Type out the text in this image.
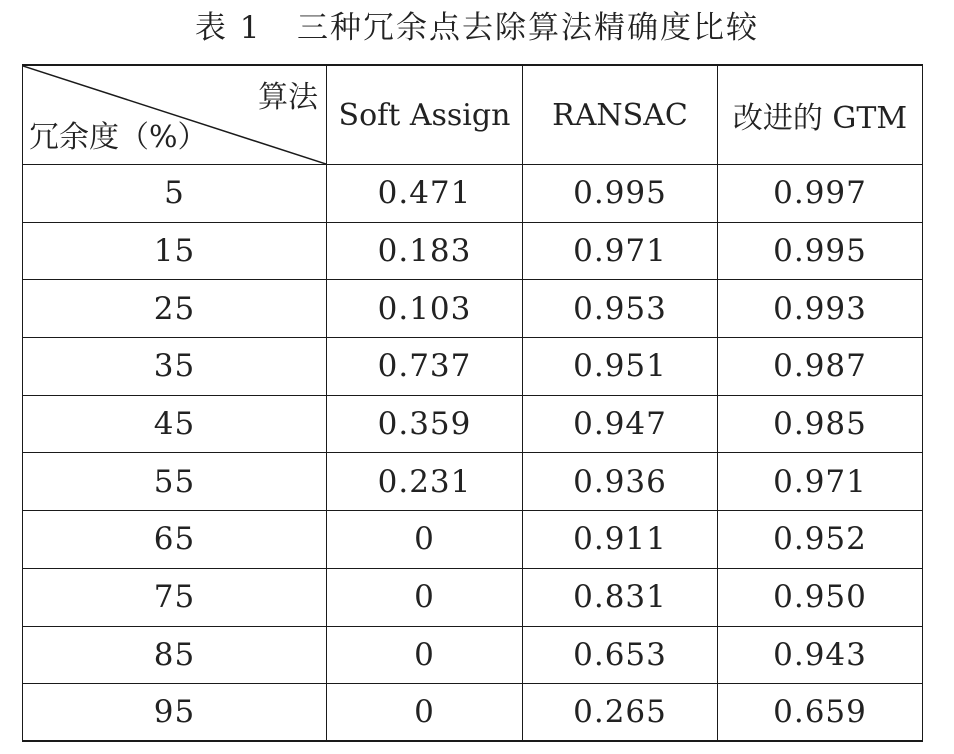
表 1   三种冗余点去除算法精确度比较
算法
冗余度（%）	Soft Assign	RANSAC	改进的 GTM
5	0.471	0.995	0.997
15	0.183	0.971	0.995
25	0.103	0.953	0.993
35	0.737	0.951	0.987
45	0.359	0.947	0.985
55	0.231	0.936	0.971
65	0	0.911	0.952
75	0	0.831	0.950
85	0	0.653	0.943
95	0	0.265	0.659
